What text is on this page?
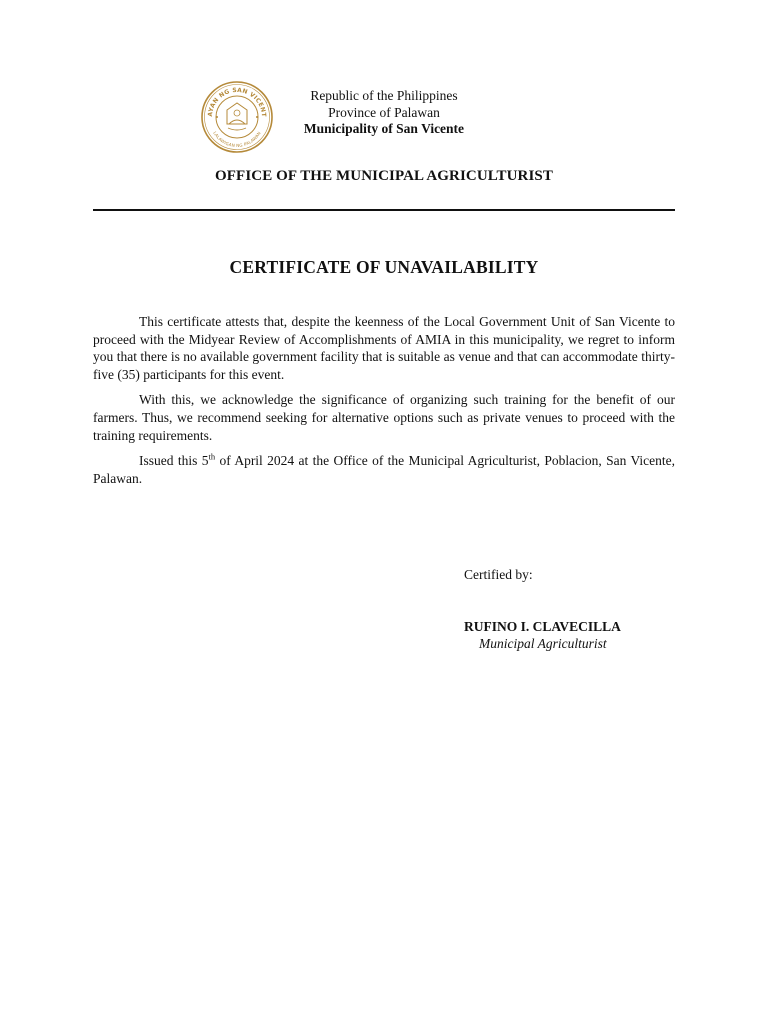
AYAN NG SAN VICENT
LALAWIGAN NG PALAWAN
Republic of the Philippines
Province of Palawan
Municipality of San Vicente
OFFICE OF THE MUNICIPAL AGRICULTURIST
CERTIFICATE OF UNAVAILABILITY

This certificate attests that, despite the keenness of the Local Government Unit of San Vicente to proceed with the Midyear Review of Accomplishments of AMIA in this municipality, we regret to inform you that there is no available government facility that is suitable as venue and that can accommodate thirty-five (35) participants for this event.

With this, we acknowledge the significance of organizing such training for the benefit of our farmers. Thus, we recommend seeking for alternative options such as private venues to proceed with the training requirements.

Issued this 5th of April 2024 at the Office of the Municipal Agriculturist, Poblacion, San Vicente, Palawan.

Certified by:
RUFINO I. CLAVECILLA
Municipal Agriculturist
